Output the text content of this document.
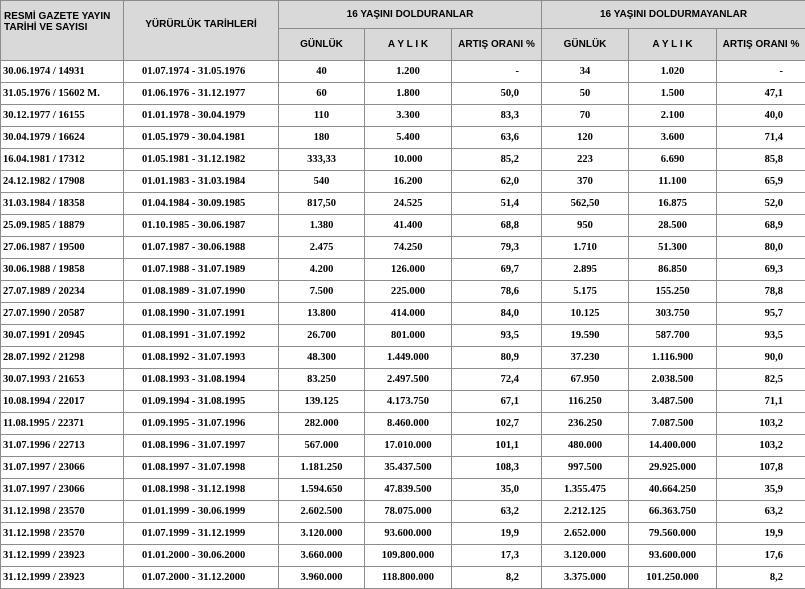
RESMİ GAZETE YAYIN TARİHİ VE SAYISI	YÜRÜRLÜK TARİHLERİ	16 YAŞINI DOLDURANLAR			16 YAŞINI DOLDURMAYANLAR		
		GÜNLÜK	A Y L I K	ARTIŞ ORANI %	GÜNLÜK	A Y L I K	ARTIŞ ORANI %
30.06.1974 / 14931	01.07.1974 - 31.05.1976	40	1.200	-	34	1.020	-
31.05.1976 / 15602 M.	01.06.1976 - 31.12.1977	60	1.800	50,0	50	1.500	47,1
30.12.1977 / 16155	01.01.1978 - 30.04.1979	110	3.300	83,3	70	2.100	40,0
30.04.1979 / 16624	01.05.1979 - 30.04.1981	180	5.400	63,6	120	3.600	71,4
16.04.1981 / 17312	01.05.1981 - 31.12.1982	333,33	10.000	85,2	223	6.690	85,8
24.12.1982 / 17908	01.01.1983 - 31.03.1984	540	16.200	62,0	370	11.100	65,9
31.03.1984 / 18358	01.04.1984 - 30.09.1985	817,50	24.525	51,4	562,50	16.875	52,0
25.09.1985 / 18879	01.10.1985 - 30.06.1987	1.380	41.400	68,8	950	28.500	68,9
27.06.1987 / 19500	01.07.1987 - 30.06.1988	2.475	74.250	79,3	1.710	51.300	80,0
30.06.1988 / 19858	01.07.1988 - 31.07.1989	4.200	126.000	69,7	2.895	86.850	69,3
27.07.1989 / 20234	01.08.1989 - 31.07.1990	7.500	225.000	78,6	5.175	155.250	78,8
27.07.1990 / 20587	01.08.1990 - 31.07.1991	13.800	414.000	84,0	10.125	303.750	95,7
30.07.1991 / 20945	01.08.1991 - 31.07.1992	26.700	801.000	93,5	19.590	587.700	93,5
28.07.1992 / 21298	01.08.1992 - 31.07.1993	48.300	1.449.000	80,9	37.230	1.116.900	90,0
30.07.1993 / 21653	01.08.1993 - 31.08.1994	83.250	2.497.500	72,4	67.950	2.038.500	82,5
10.08.1994 / 22017	01.09.1994 - 31.08.1995	139.125	4.173.750	67,1	116.250	3.487.500	71,1
11.08.1995 / 22371	01.09.1995 - 31.07.1996	282.000	8.460.000	102,7	236.250	7.087.500	103,2
31.07.1996 / 22713	01.08.1996 - 31.07.1997	567.000	17.010.000	101,1	480.000	14.400.000	103,2
31.07.1997 / 23066	01.08.1997 - 31.07.1998	1.181.250	35.437.500	108,3	997.500	29.925.000	107,8
31.07.1997 / 23066	01.08.1998 - 31.12.1998	1.594.650	47.839.500	35,0	1.355.475	40.664.250	35,9
31.12.1998 / 23570	01.01.1999 - 30.06.1999	2.602.500	78.075.000	63,2	2.212.125	66.363.750	63,2
31.12.1998 / 23570	01.07.1999 - 31.12.1999	3.120.000	93.600.000	19,9	2.652.000	79.560.000	19,9
31.12.1999 / 23923	01.01.2000 - 30.06.2000	3.660.000	109.800.000	17,3	3.120.000	93.600.000	17,6
31.12.1999 / 23923	01.07.2000 - 31.12.2000	3.960.000	118.800.000	8,2	3.375.000	101.250.000	8,2
